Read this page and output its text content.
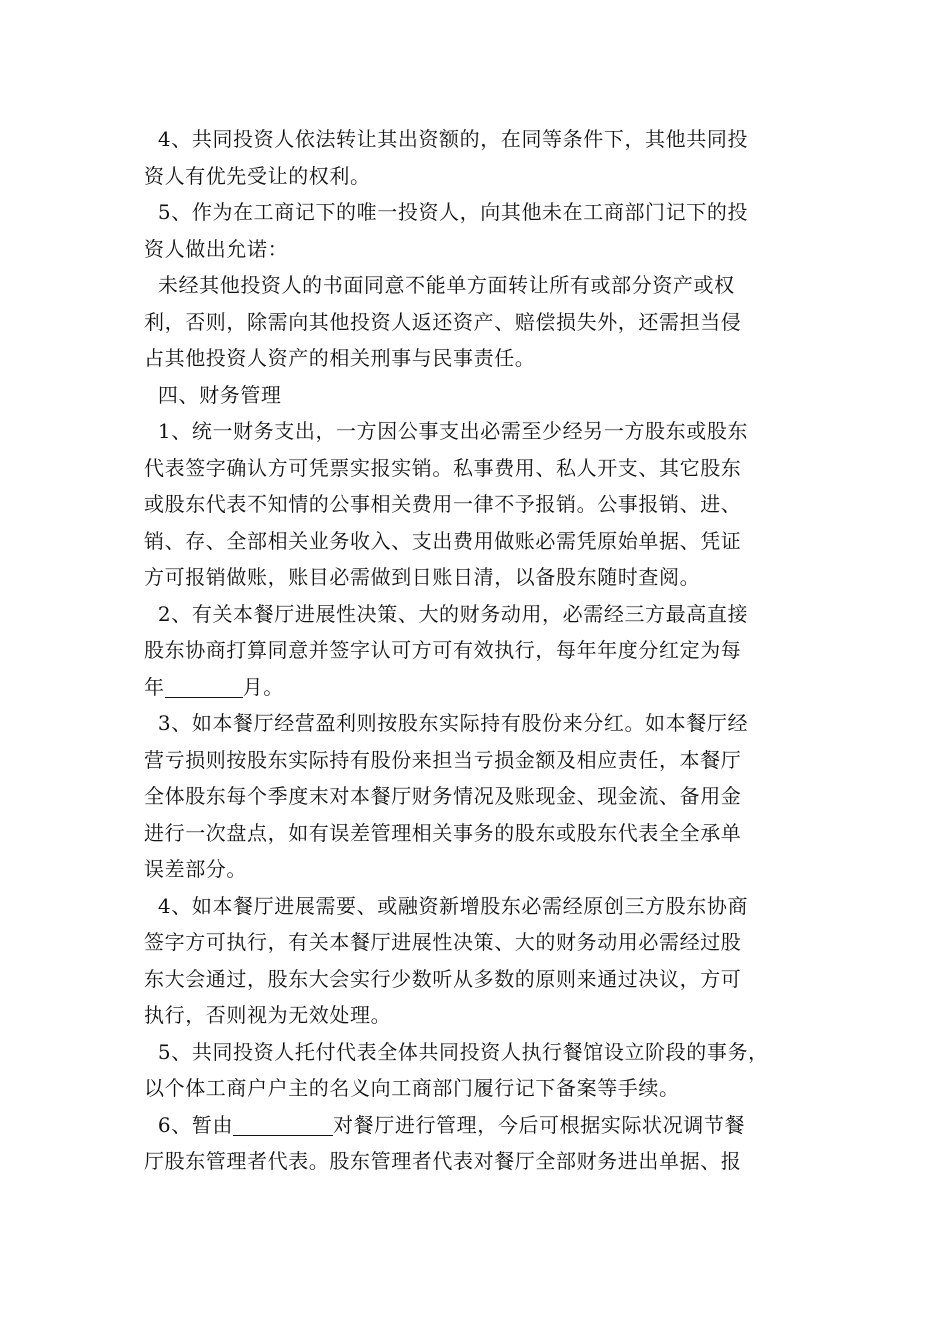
4、共同投资人依法转让其出资额的，在同等条件下，其他共同投

资人有优先受让的权利。

5、作为在工商记下的唯一投资人，向其他未在工商部门记下的投

资人做出允诺：

未经其他投资人的书面同意不能单方面转让所有或部分资产或权

利，否则，除需向其他投资人返还资产、赔偿损失外，还需担当侵

占其他投资人资产的相关刑事与民事责任。

四、财务管理

1、统一财务支出，一方因公事支出必需至少经另一方股东或股东

代表签字确认方可凭票实报实销。私事费用、私人开支、其它股东

或股东代表不知情的公事相关费用一律不予报销。公事报销、进、

销、存、全部相关业务收入、支出费用做账必需凭原始单据、凭证

方可报销做账，账目必需做到日账日清，以备股东随时查阅。

2、有关本餐厅进展性决策、大的财务动用，必需经三方最高直接

股东协商打算同意并签字认可方可有效执行，每年年度分红定为每

年	月。

3、如本餐厅经营盈利则按股东实际持有股份来分红。如本餐厅经

营亏损则按股东实际持有股份来担当亏损金额及相应责任，本餐厅

全体股东每个季度末对本餐厅财务情况及账现金、现金流、备用金

进行一次盘点，如有误差管理相关事务的股东或股东代表全全承单

误差部分。

4、如本餐厅进展需要、或融资新增股东必需经原创三方股东协商

签字方可执行，有关本餐厅进展性决策、大的财务动用必需经过股

东大会通过，股东大会实行少数听从多数的原则来通过决议，方可

执行，否则视为无效处理。

5、共同投资人托付代表全体共同投资人执行餐馆设立阶段的事务，

以个体工商户户主的名义向工商部门履行记下备案等手续。

6、暂由	对餐厅进行管理，今后可根据实际状况调节餐

厅股东管理者代表。股东管理者代表对餐厅全部财务进出单据、报
